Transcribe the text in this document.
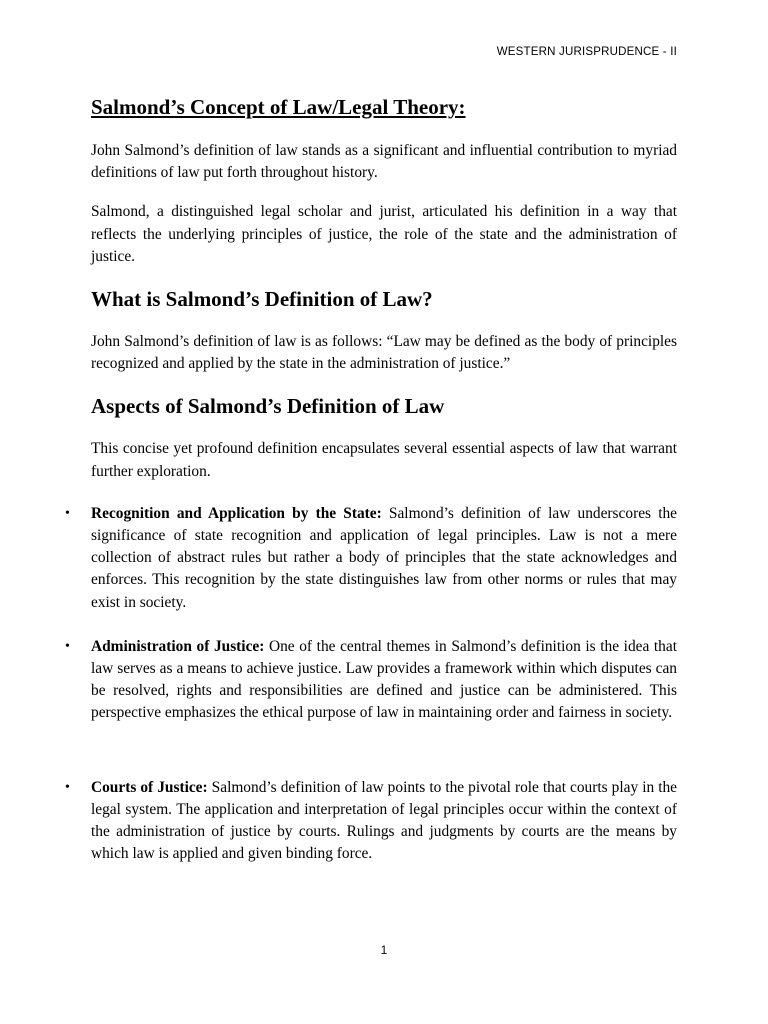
WESTERN JURISPRUDENCE - II
Salmond’s Concept of Law/Legal Theory:

John Salmond’s definition of law stands as a significant and influential contribution to myriad definitions of law put forth throughout history.

Salmond, a distinguished legal scholar and jurist, articulated his definition in a way that reflects the underlying principles of justice, the role of the state and the administration of justice.

What is Salmond’s Definition of Law?

John Salmond’s definition of law is as follows: “Law may be defined as the body of principles recognized and applied by the state in the administration of justice.”

Aspects of Salmond’s Definition of Law

This concise yet profound definition encapsulates several essential aspects of law that warrant further exploration.

• Recognition and Application by the State: Salmond’s definition of law underscores the significance of state recognition and application of legal principles. Law is not a mere collection of abstract rules but rather a body of principles that the state acknowledges and enforces. This recognition by the state distinguishes law from other norms or rules that may exist in society.
• Administration of Justice: One of the central themes in Salmond’s definition is the idea that law serves as a means to achieve justice. Law provides a framework within which disputes can be resolved, rights and responsibilities are defined and justice can be administered. This perspective emphasizes the ethical purpose of law in maintaining order and fairness in society.
• Courts of Justice: Salmond’s definition of law points to the pivotal role that courts play in the legal system. The application and interpretation of legal principles occur within the context of the administration of justice by courts. Rulings and judgments by courts are the means by which law is applied and given binding force.
1
